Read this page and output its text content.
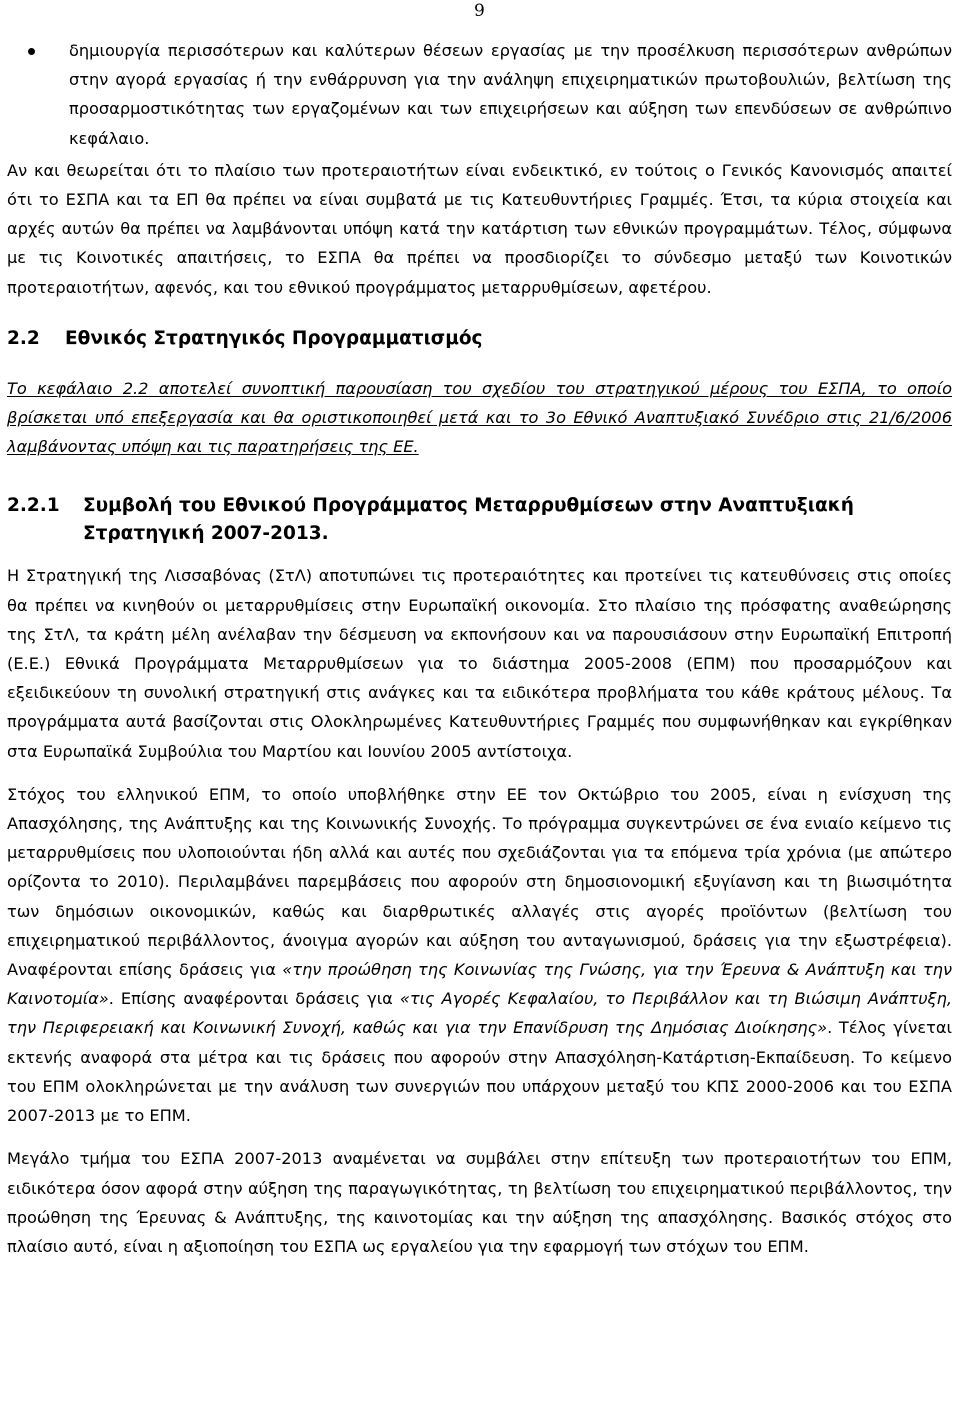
9

δημιουργία περισσότερων και καλύτερων θέσεων εργασίας με την προσέλκυση περισσότερων ανθρώπων στην αγορά εργασίας ή την ενθάρρυνση για την ανάληψη επιχειρηματικών πρωτοβουλιών, βελτίωση της προσαρμοστικότητας των εργαζομένων και των επιχειρήσεων και αύξηση των επενδύσεων σε ανθρώπινο κεφάλαιο.

Αν και θεωρείται ότι το πλαίσιο των προτεραιοτήτων είναι ενδεικτικό, εν τούτοις ο Γενικός Κανονισμός απαιτεί ότι το ΕΣΠΑ και τα ΕΠ θα πρέπει να είναι συμβατά με τις Κατευθυντήριες Γραμμές. Έτσι, τα κύρια στοιχεία και αρχές αυτών θα πρέπει να λαμβάνονται υπόψη κατά την κατάρτιση των εθνικών προγραμμάτων. Τέλος, σύμφωνα με τις Κοινοτικές απαιτήσεις, το ΕΣΠΑ θα πρέπει να προσδιορίζει το σύνδεσμο μεταξύ των Κοινοτικών προτεραιοτήτων, αφενός, και του εθνικού προγράμματος μεταρρυθμίσεων, αφετέρου.

2.2	Εθνικός Στρατηγικός Προγραμματισμός

Το κεφάλαιο 2.2 αποτελεί συνοπτική παρουσίαση του σχεδίου του στρατηγικού μέρους του ΕΣΠΑ, το οποίο βρίσκεται υπό επεξεργασία και θα οριστικοποιηθεί μετά και το 3ο Εθνικό Αναπτυξιακό Συνέδριο στις 21/6/2006 λαμβάνοντας υπόψη και τις παρατηρήσεις της ΕΕ.

2.2.1	Συμβολή του Εθνικού Προγράμματος Μεταρρυθμίσεων στην Αναπτυξιακή Στρατηγική 2007-2013.

Η Στρατηγική της Λισσαβόνας (ΣτΛ) αποτυπώνει τις προτεραιότητες και προτείνει τις κατευθύνσεις στις οποίες θα πρέπει να κινηθούν οι μεταρρυθμίσεις στην Ευρωπαϊκή οικονομία. Στο πλαίσιο της πρόσφατης αναθεώρησης της ΣτΛ, τα κράτη μέλη ανέλαβαν την δέσμευση να εκπονήσουν και να παρουσιάσουν στην Ευρωπαϊκή Επιτροπή (Ε.Ε.) Εθνικά Προγράμματα Μεταρρυθμίσεων για το διάστημα 2005-2008 (ΕΠΜ) που προσαρμόζουν και εξειδικεύουν τη συνολική στρατηγική στις ανάγκες και τα ειδικότερα προβλήματα του κάθε κράτους μέλους. Τα προγράμματα αυτά βασίζονται στις Ολοκληρωμένες Κατευθυντήριες Γραμμές που συμφωνήθηκαν και εγκρίθηκαν στα Ευρωπαϊκά Συμβούλια του Μαρτίου και Ιουνίου 2005 αντίστοιχα.

Στόχος του ελληνικού ΕΠΜ, το οποίο υποβλήθηκε στην ΕΕ τον Οκτώβριο του 2005, είναι η ενίσχυση της Απασχόλησης, της Ανάπτυξης και της Κοινωνικής Συνοχής. Το πρόγραμμα συγκεντρώνει σε ένα ενιαίο κείμενο τις μεταρρυθμίσεις που υλοποιούνται ήδη αλλά και αυτές που σχεδιάζονται για τα επόμενα τρία χρόνια (με απώτερο ορίζοντα το 2010). Περιλαμβάνει παρεμβάσεις που αφορούν στη δημοσιονομική εξυγίανση και τη βιωσιμότητα των δημόσιων οικονομικών, καθώς και διαρθρωτικές αλλαγές στις αγορές προϊόντων (βελτίωση του επιχειρηματικού περιβάλλοντος, άνοιγμα αγορών και αύξηση του ανταγωνισμού, δράσεις για την εξωστρέφεια). Αναφέρονται επίσης δράσεις για «την προώθηση της Κοινωνίας της Γνώσης, για την Έρευνα & Ανάπτυξη και την Καινοτομία». Επίσης αναφέρονται δράσεις για «τις Αγορές Κεφαλαίου, το Περιβάλλον και τη Βιώσιμη Ανάπτυξη, την Περιφερειακή και Κοινωνική Συνοχή, καθώς και για την Επανίδρυση της Δημόσιας Διοίκησης». Τέλος γίνεται εκτενής αναφορά στα μέτρα και τις δράσεις που αφορούν στην Απασχόληση-Κατάρτιση-Εκπαίδευση. Το κείμενο του ΕΠΜ ολοκληρώνεται με την ανάλυση των συνεργιών που υπάρχουν μεταξύ του ΚΠΣ 2000-2006 και του ΕΣΠΑ 2007-2013 με το ΕΠΜ.

Μεγάλο τμήμα του ΕΣΠΑ 2007-2013 αναμένεται να συμβάλει στην επίτευξη των προτεραιοτήτων του ΕΠΜ, ειδικότερα όσον αφορά στην αύξηση της παραγωγικότητας, τη βελτίωση του επιχειρηματικού περιβάλλοντος, την προώθηση της Έρευνας & Ανάπτυξης, της καινοτομίας και την αύξηση της απασχόλησης. Βασικός στόχος στο πλαίσιο αυτό, είναι η αξιοποίηση του ΕΣΠΑ ως εργαλείου για την εφαρμογή των στόχων του ΕΠΜ.
